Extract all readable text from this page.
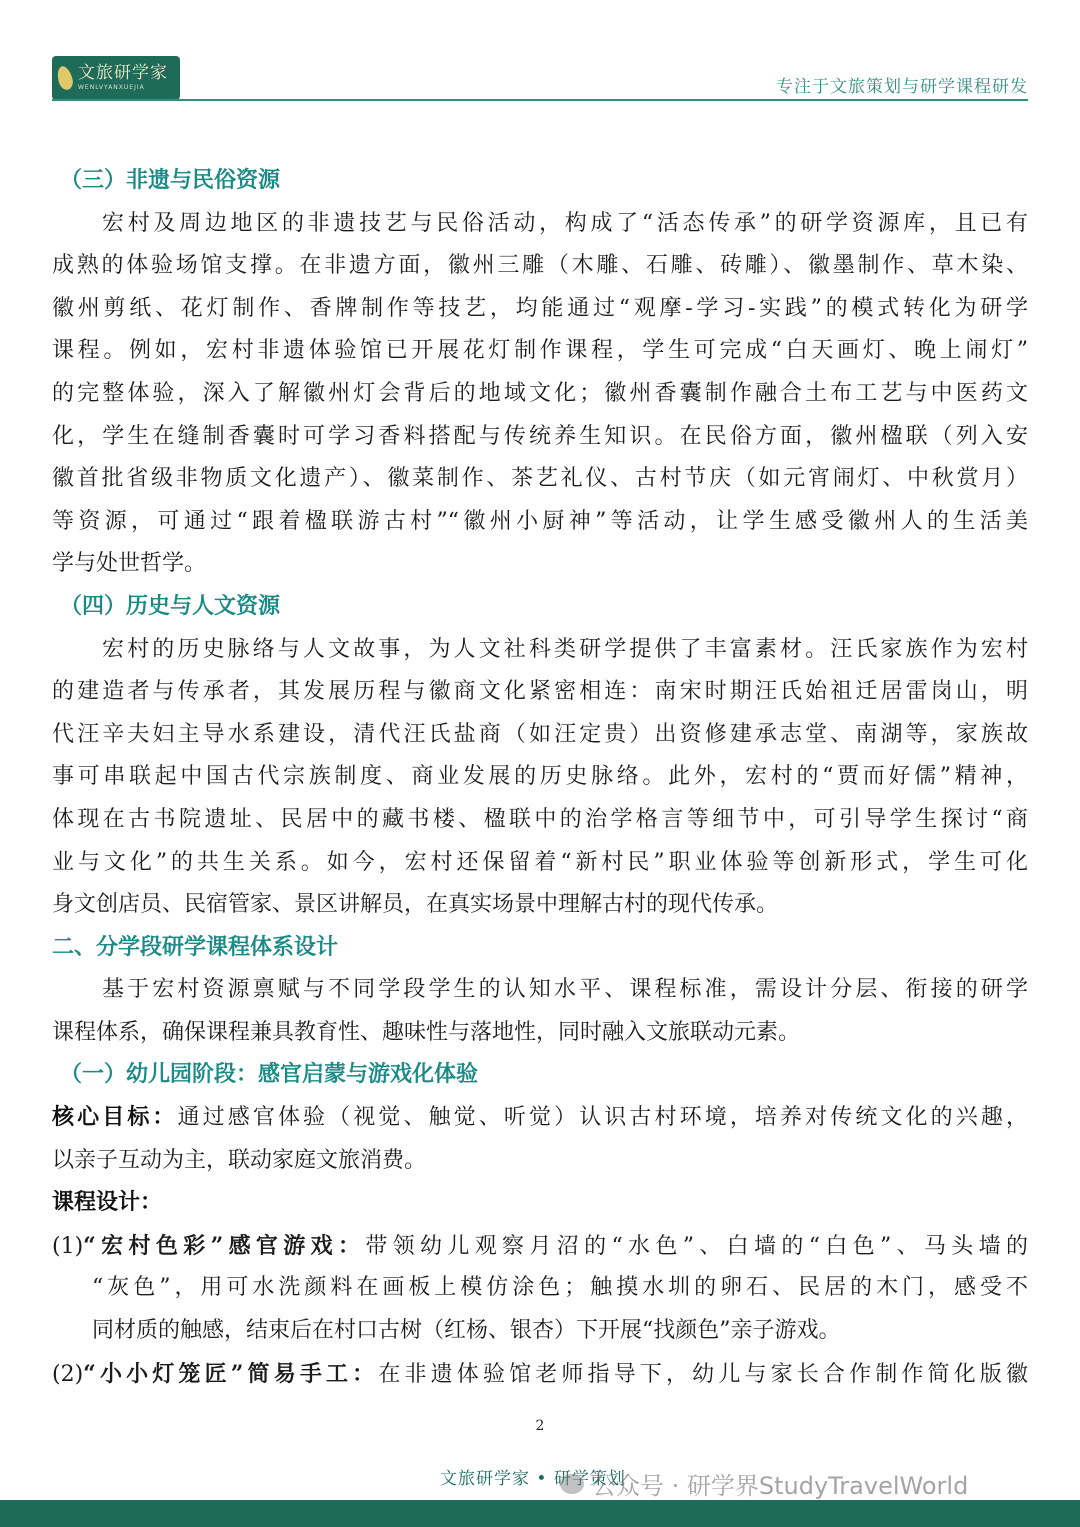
文旅研学家
WENLVYANXUEJIA	专注于文旅策划与研学课程研发
（三）非遗与民俗资源
宏村及周边地区的非遗技艺与民俗活动，构成了“活态传承”的研学资源库，且已有
成熟的体验场馆支撑。在非遗方面，徽州三雕（木雕、石雕、砖雕）、徽墨制作、草木染、
徽州剪纸、花灯制作、香牌制作等技艺，均能通过“观摩-学习-实践”的模式转化为研学
课程。例如，宏村非遗体验馆已开展花灯制作课程，学生可完成“白天画灯、晚上闹灯”
的完整体验，深入了解徽州灯会背后的地域文化；徽州香囊制作融合土布工艺与中医药文
化，学生在缝制香囊时可学习香料搭配与传统养生知识。在民俗方面，徽州楹联（列入安
徽首批省级非物质文化遗产）、徽菜制作、茶艺礼仪、古村节庆（如元宵闹灯、中秋赏月）
等资源，可通过“跟着楹联游古村”“徽州小厨神”等活动，让学生感受徽州人的生活美
学与处世哲学。
（四）历史与人文资源
宏村的历史脉络与人文故事，为人文社科类研学提供了丰富素材。汪氏家族作为宏村
的建造者与传承者，其发展历程与徽商文化紧密相连：南宋时期汪氏始祖迁居雷岗山，明
代汪辛夫妇主导水系建设，清代汪氏盐商（如汪定贵）出资修建承志堂、南湖等，家族故
事可串联起中国古代宗族制度、商业发展的历史脉络。此外，宏村的“贾而好儒”精神，
体现在古书院遗址、民居中的藏书楼、楹联中的治学格言等细节中，可引导学生探讨“商
业与文化”的共生关系。如今，宏村还保留着“新村民”职业体验等创新形式，学生可化
身文创店员、民宿管家、景区讲解员，在真实场景中理解古村的现代传承。
二、分学段研学课程体系设计
基于宏村资源禀赋与不同学段学生的认知水平、课程标准，需设计分层、衔接的研学
课程体系，确保课程兼具教育性、趣味性与落地性，同时融入文旅联动元素。
（一）幼儿园阶段：感官启蒙与游戏化体验
核心目标：通过感官体验（视觉、触觉、听觉）认识古村环境，培养对传统文化的兴趣，
以亲子互动为主，联动家庭文旅消费。
课程设计：
(1)“宏村色彩”感官游戏：带领幼儿观察月沼的“水色”、白墙的“白色”、马头墙的
“灰色”，用可水洗颜料在画板上模仿涂色；触摸水圳的卵石、民居的木门，感受不
同材质的触感，结束后在村口古树（红杨、银杏）下开展“找颜色”亲子游戏。
(2)“小小灯笼匠”简易手工：在非遗体验馆老师指导下，幼儿与家长合作制作简化版徽
2
文旅研学家 • 研学策划
公众号 · 研学界StudyTravelWorld
